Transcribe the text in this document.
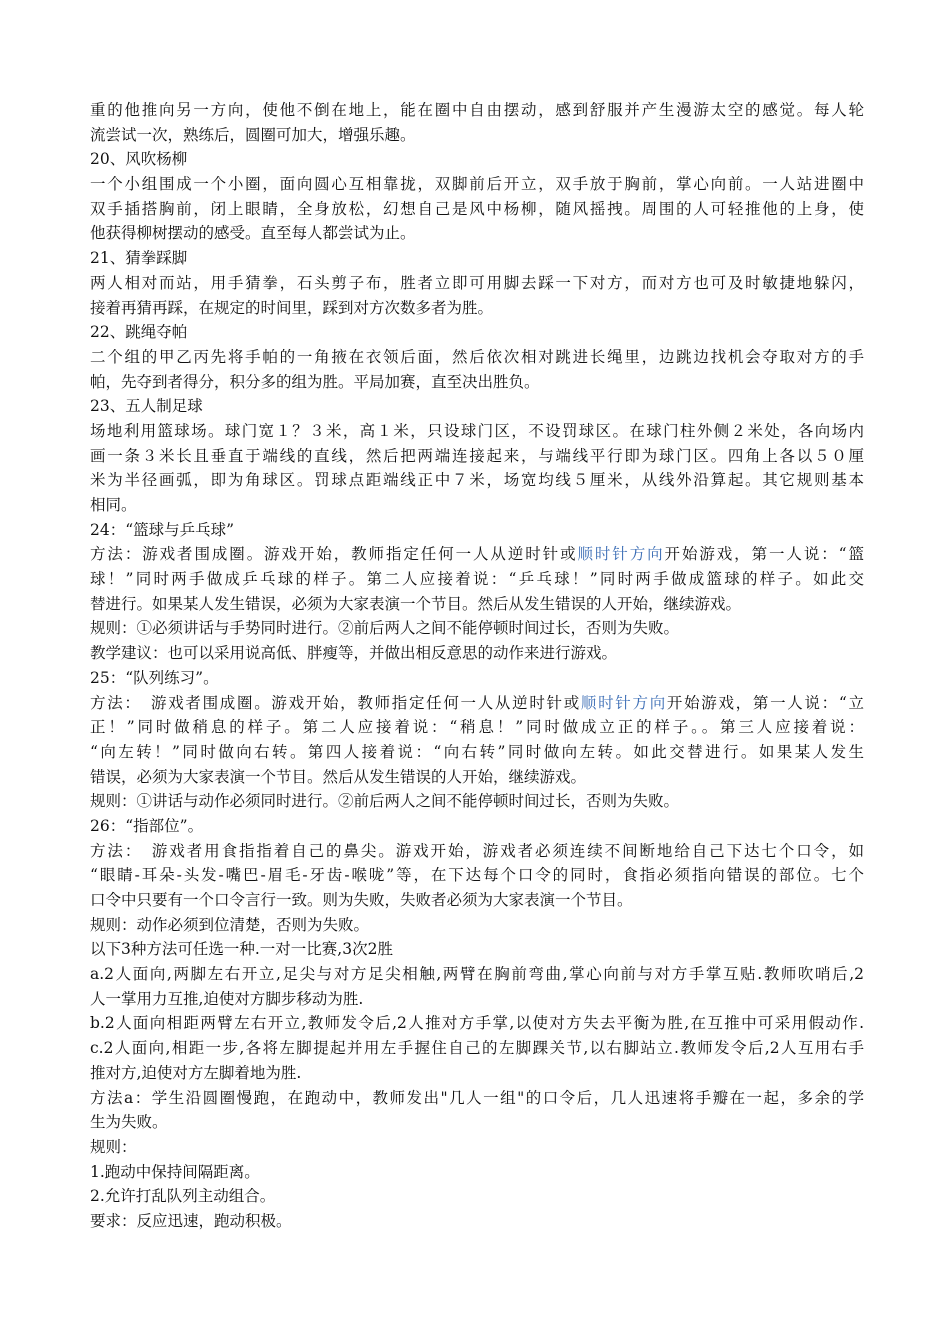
重的他推向另一方向，使他不倒在地上，能在圈中自由摆动，感到舒服并产生漫游太空的感觉。每人轮
流尝试一次，熟练后，圆圈可加大，增强乐趣。
20、风吹杨柳
一个小组围成一个小圈，面向圆心互相靠拢，双脚前后开立，双手放于胸前，掌心向前。一人站进圈中
双手插搭胸前，闭上眼睛，全身放松，幻想自己是风中杨柳，随风摇拽。周围的人可轻推他的上身，使
他获得柳树摆动的感受。直至每人都尝试为止。
21、猜拳踩脚
两人相对而站，用手猜拳，石头剪子布，胜者立即可用脚去踩一下对方，而对方也可及时敏捷地躲闪，
接着再猜再踩，在规定的时间里，踩到对方次数多者为胜。
22、跳绳夺帕
二个组的甲乙丙先将手帕的一角掖在衣领后面，然后依次相对跳进长绳里，边跳边找机会夺取对方的手
帕，先夺到者得分，积分多的组为胜。平局加赛，直至决出胜负。
23、五人制足球
场地利用篮球场。球门宽１？３米，高１米，只设球门区，不设罚球区。在球门柱外侧２米处，各向场内
画一条３米长且垂直于端线的直线，然后把两端连接起来，与端线平行即为球门区。四角上各以５０厘
米为半径画弧，即为角球区。罚球点距端线正中７米，场宽均线５厘米，从线外沿算起。其它规则基本
相同。
24：“篮球与乒乓球”
方法：游戏者围成圈。游戏开始，教师指定任何一人从逆时针或顺时针方向开始游戏，第一人说：“篮
球！”同时两手做成乒乓球的样子。第二人应接着说：“乒乓球！”同时两手做成篮球的样子。如此交
替进行。如果某人发生错误，必须为大家表演一个节目。然后从发生错误的人开始，继续游戏。
规则：①必须讲话与手势同时进行。②前后两人之间不能停顿时间过长，否则为失败。
教学建议：也可以采用说高低、胖瘦等，并做出相反意思的动作来进行游戏。
25：“队列练习”。
方法：　游戏者围成圈。游戏开始，教师指定任何一人从逆时针或顺时针方向开始游戏，第一人说：“立
正！”同时做稍息的样子。第二人应接着说：“稍息！”同时做成立正的样子。。第三人应接着说：
“向左转！”同时做向右转。第四人接着说：“向右转”同时做向左转。如此交替进行。如果某人发生
错误，必须为大家表演一个节目。然后从发生错误的人开始，继续游戏。
规则：①讲话与动作必须同时进行。②前后两人之间不能停顿时间过长，否则为失败。
26：“指部位”。
方法：　游戏者用食指指着自己的鼻尖。游戏开始，游戏者必须连续不间断地给自己下达七个口令，如
“眼睛-耳朵-头发-嘴巴-眉毛-牙齿-喉咙”等，在下达每个口令的同时，食指必须指向错误的部位。七个
口令中只要有一个口令言行一致。则为失败，失败者必须为大家表演一个节目。
规则：动作必须到位清楚，否则为失败。
以下3种方法可任选一种.一对一比赛,3次2胜
a.2人面向,两脚左右开立,足尖与对方足尖相触,两臂在胸前弯曲,掌心向前与对方手掌互贴.教师吹哨后,2
人一掌用力互推,迫使对方脚步移动为胜.
b.2人面向相距两臂左右开立,教师发令后,2人推对方手掌,以使对方失去平衡为胜,在互推中可采用假动作.
c.2人面向,相距一步,各将左脚提起并用左手握住自己的左脚踝关节,以右脚站立.教师发令后,2人互用右手
推对方,迫使对方左脚着地为胜.
方法a：学生沿圆圈慢跑，在跑动中，教师发出"几人一组"的口令后，几人迅速将手瓣在一起，多余的学
生为失败。
规则：
1.跑动中保持间隔距离。
2.允许打乱队列主动组合。
要求：反应迅速，跑动积极。
